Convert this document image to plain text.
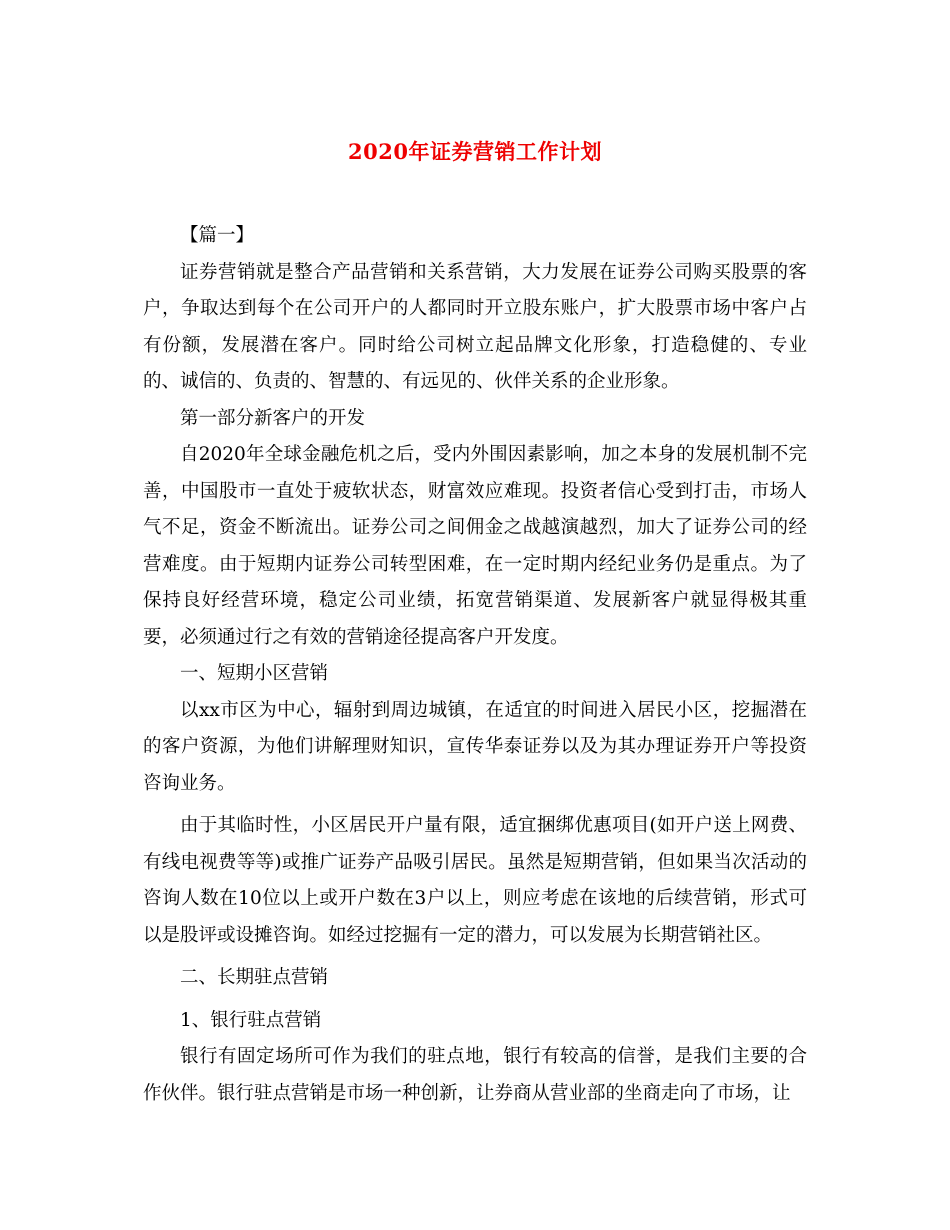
2020年证券营销工作计划

【篇一】

证券营销就是整合产品营销和关系营销，大力发展在证券公司购买股票的客户，争取达到每个在公司开户的人都同时开立股东账户，扩大股票市场中客户占有份额，发展潜在客户。同时给公司树立起品牌文化形象，打造稳健的、专业的、诚信的、负责的、智慧的、有远见的、伙伴关系的企业形象。

第一部分新客户的开发

自2020年全球金融危机之后，受内外围因素影响，加之本身的发展机制不完善，中国股市一直处于疲软状态，财富效应难现。投资者信心受到打击，市场人气不足，资金不断流出。证券公司之间佣金之战越演越烈，加大了证券公司的经营难度。由于短期内证券公司转型困难，在一定时期内经纪业务仍是重点。为了保持良好经营环境，稳定公司业绩，拓宽营销渠道、发展新客户就显得极其重要，必须通过行之有效的营销途径提高客户开发度。

一、短期小区营销

以xx市区为中心，辐射到周边城镇，在适宜的时间进入居民小区，挖掘潜在的客户资源，为他们讲解理财知识，宣传华泰证券以及为其办理证券开户等投资咨询业务。

由于其临时性，小区居民开户量有限，适宜捆绑优惠项目(如开户送上网费、有线电视费等等)或推广证券产品吸引居民。虽然是短期营销，但如果当次活动的咨询人数在10位以上或开户数在3户以上，则应考虑在该地的后续营销，形式可以是股评或设摊咨询。如经过挖掘有一定的潜力，可以发展为长期营销社区。

二、长期驻点营销

1、银行驻点营销

银行有固定场所可作为我们的驻点地，银行有较高的信誉，是我们主要的合作伙伴。银行驻点营销是市场一种创新，让券商从营业部的坐商走向了市场，让
